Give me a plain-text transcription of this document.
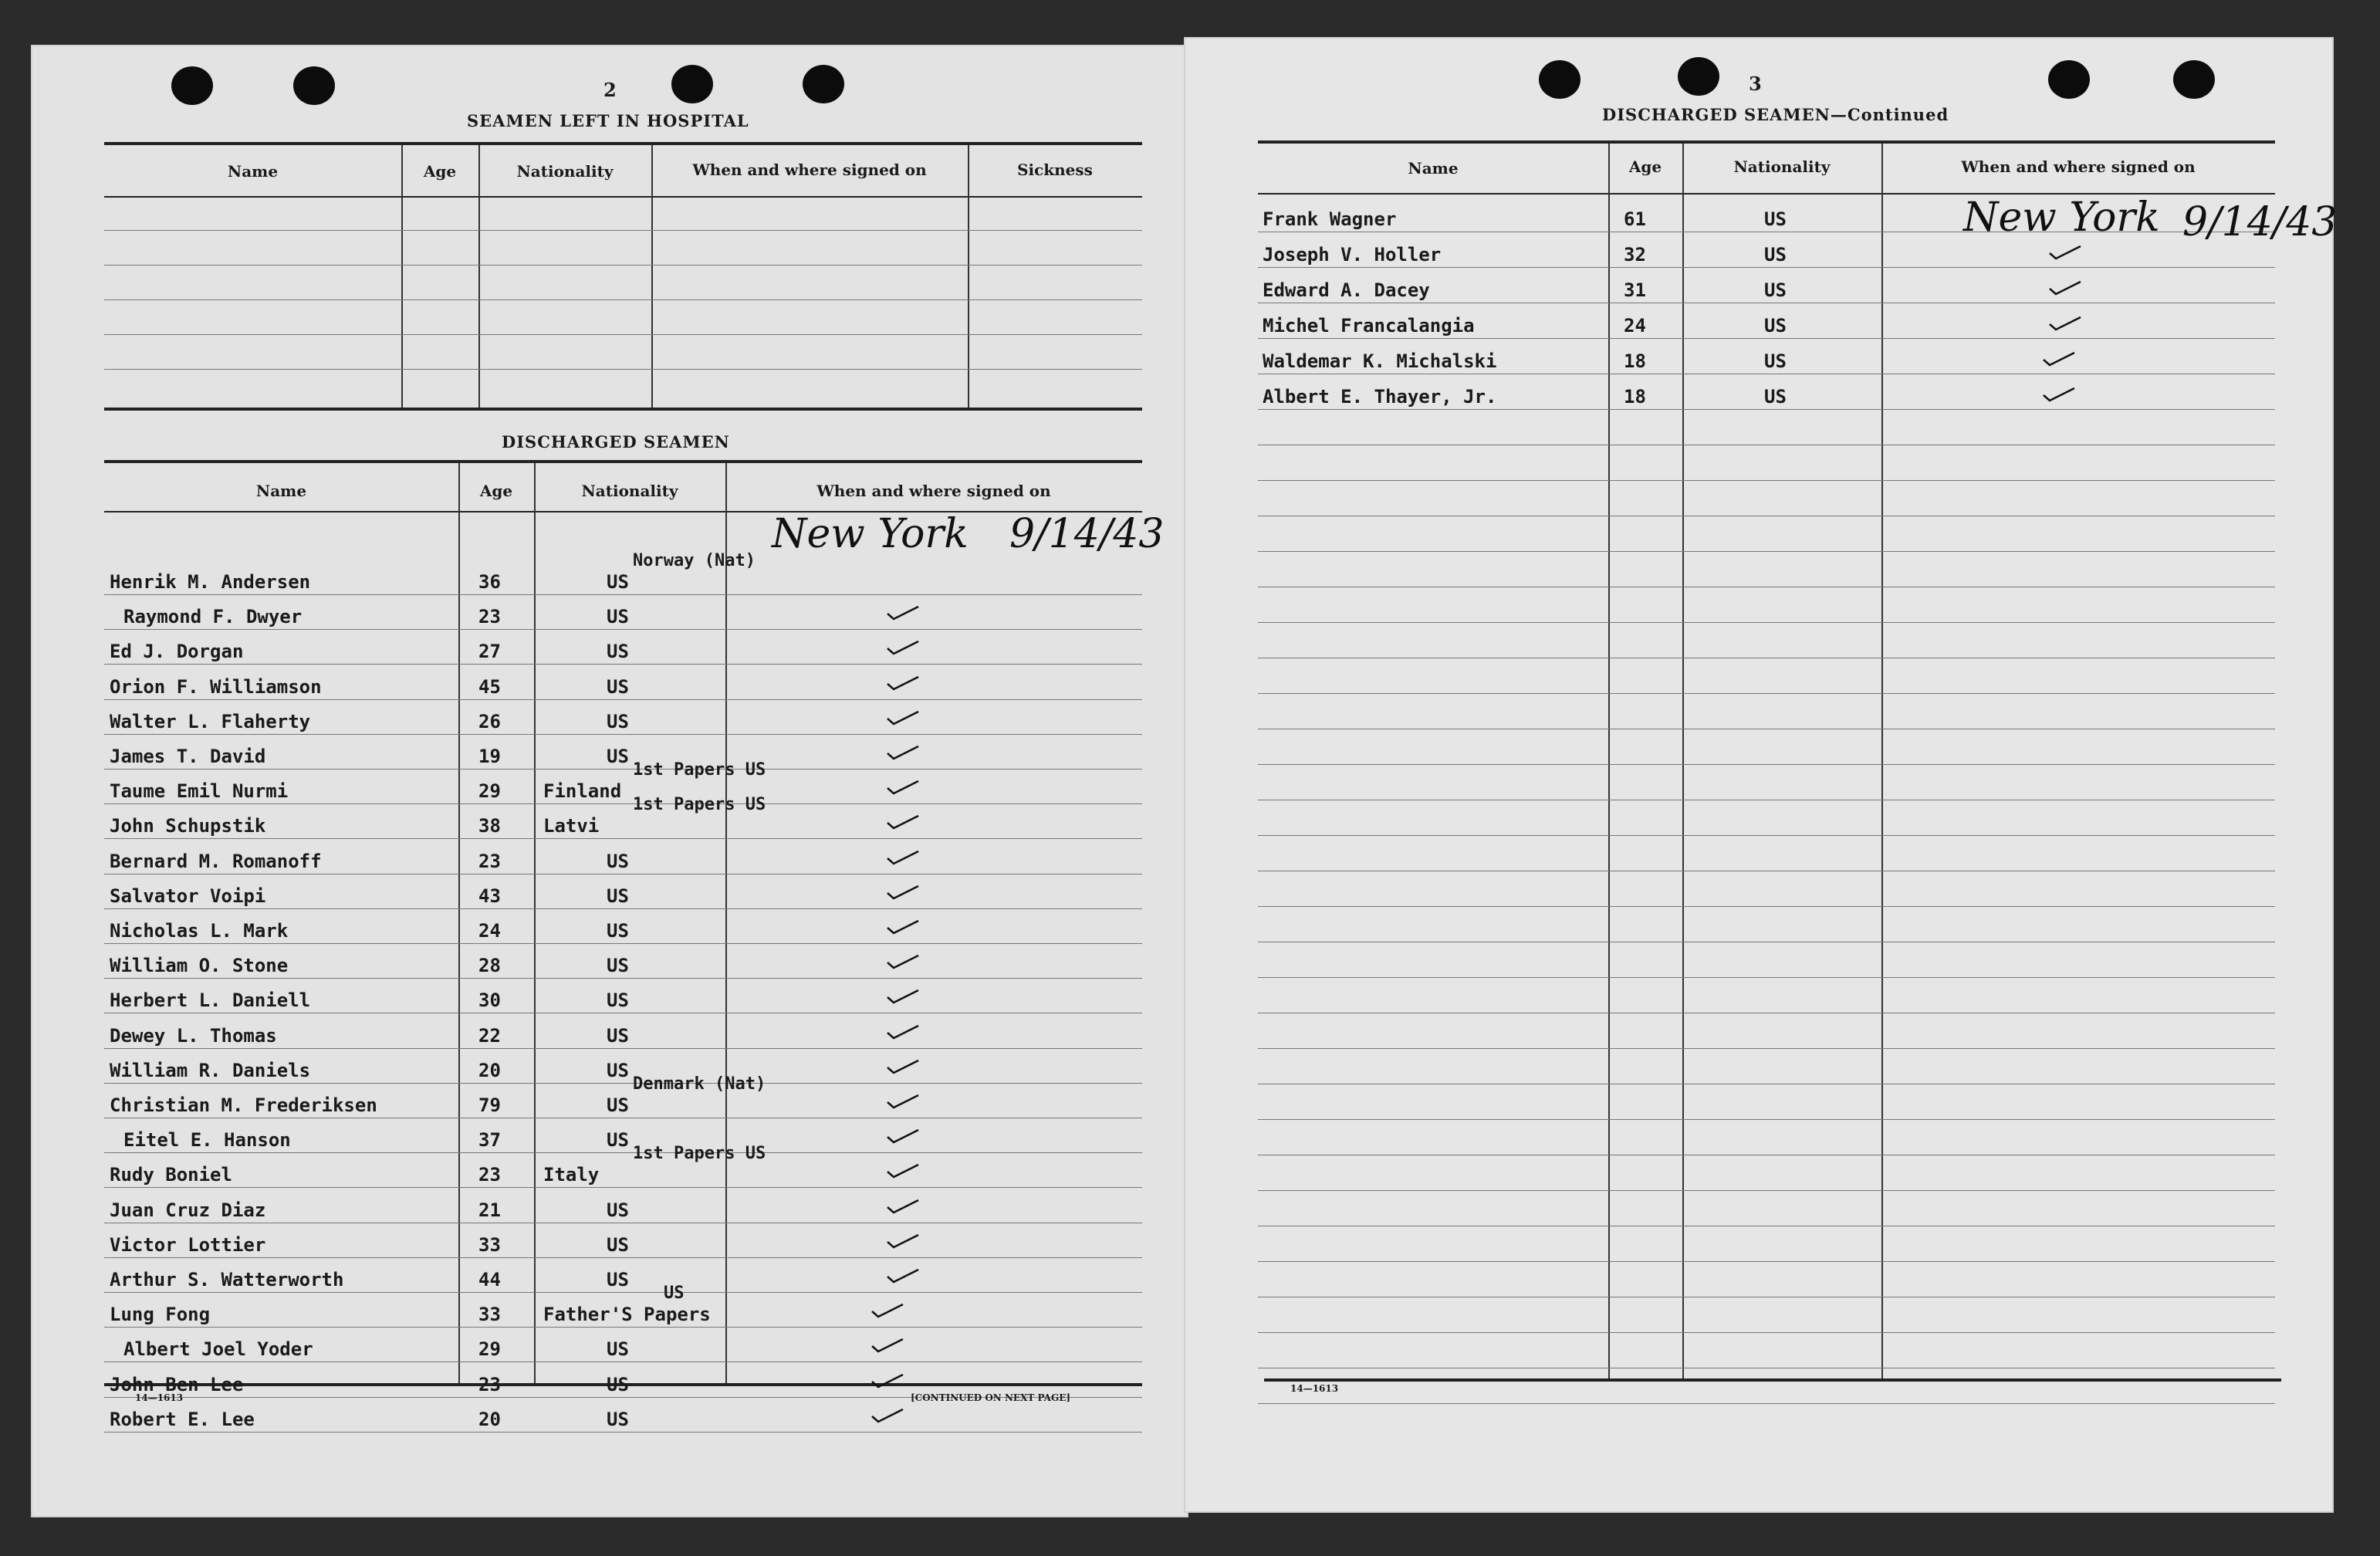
2
SEAMEN LEFT IN HOSPITAL
Name	Age	Nationality	When and where signed on	Sickness
DISCHARGED SEAMEN
Name	Age	Nationality	When and where signed on
Henrik M. Andersen	36	US
Norway (Nat)
Raymond F. Dwyer	23	US
Ed J. Dorgan	27	US
Orion F. Williamson	45	US
Walter L. Flaherty	26	US
James T. David	19	US
Taume Emil Nurmi	29 Finland
1st Papers US
John Schupstik	38 Latvi
1st Papers US
Bernard M. Romanoff	23	US
Salvator Voipi	43	US
Nicholas L. Mark	24	US
William O. Stone	28	US
Herbert L. Daniell	30	US
Dewey L. Thomas	22	US
William R. Daniels	20	US
Christian M. Frederiksen	79	US
Denmark (Nat)
Eitel E. Hanson	37	US
Rudy Boniel	23 Italy
1st Papers US
Juan Cruz Diaz	21	US
Victor Lottier	33	US
Arthur S. Watterworth	44	US
Lung Fong	33 Father'S Papers
US
Albert Joel Yoder	29	US
John Ben Lee	23	US
Robert E. Lee	20	US
New York 9/14/43
14—1613	[CONTINUED ON NEXT PAGE]
3
DISCHARGED SEAMEN—Continued
Name	Age	Nationality	When and where signed on
Frank Wagner	61	US
Joseph V. Holler	32	US
Edward A. Dacey	31	US
Michel Francalangia	24	US
Waldemar K. Michalski	18	US
Albert E. Thayer, Jr.	18	US
New York 9/14/43
14—1613
